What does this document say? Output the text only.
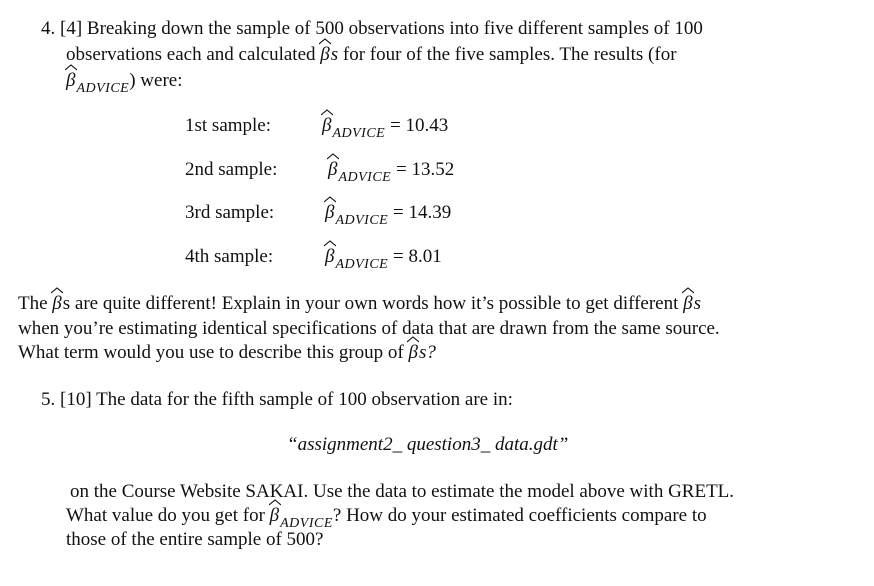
4. [4] Breaking down the sample of 500 observations into five different samples of 100
observations each and calculated βs for four of the five samples. The results (for
$\beta_{ADVICE}$) were:
1st sample:	$\beta_{ADVICE} = 10.43$
2nd sample:	$\beta_{ADVICE} = 13.52$
3rd sample:	$\beta_{ADVICE} = 14.39$
4th sample:	$\beta_{ADVICE} = 8.01$
The βs are quite different! Explain in your own words how it’s possible to get different βs
when you’re estimating identical specifications of data that are drawn from the same source.
What term would you use to describe this group of βs?
5. [10] The data for the fifth sample of 100 observation are in:
“assignment2_ question3_ data.gdt”
on the Course Website SAKAI. Use the data to estimate the model above with GRETL.
What value do you get for $\beta_{ADVICE}$? How do your estimated coefficients compare to
those of the entire sample of 500?
